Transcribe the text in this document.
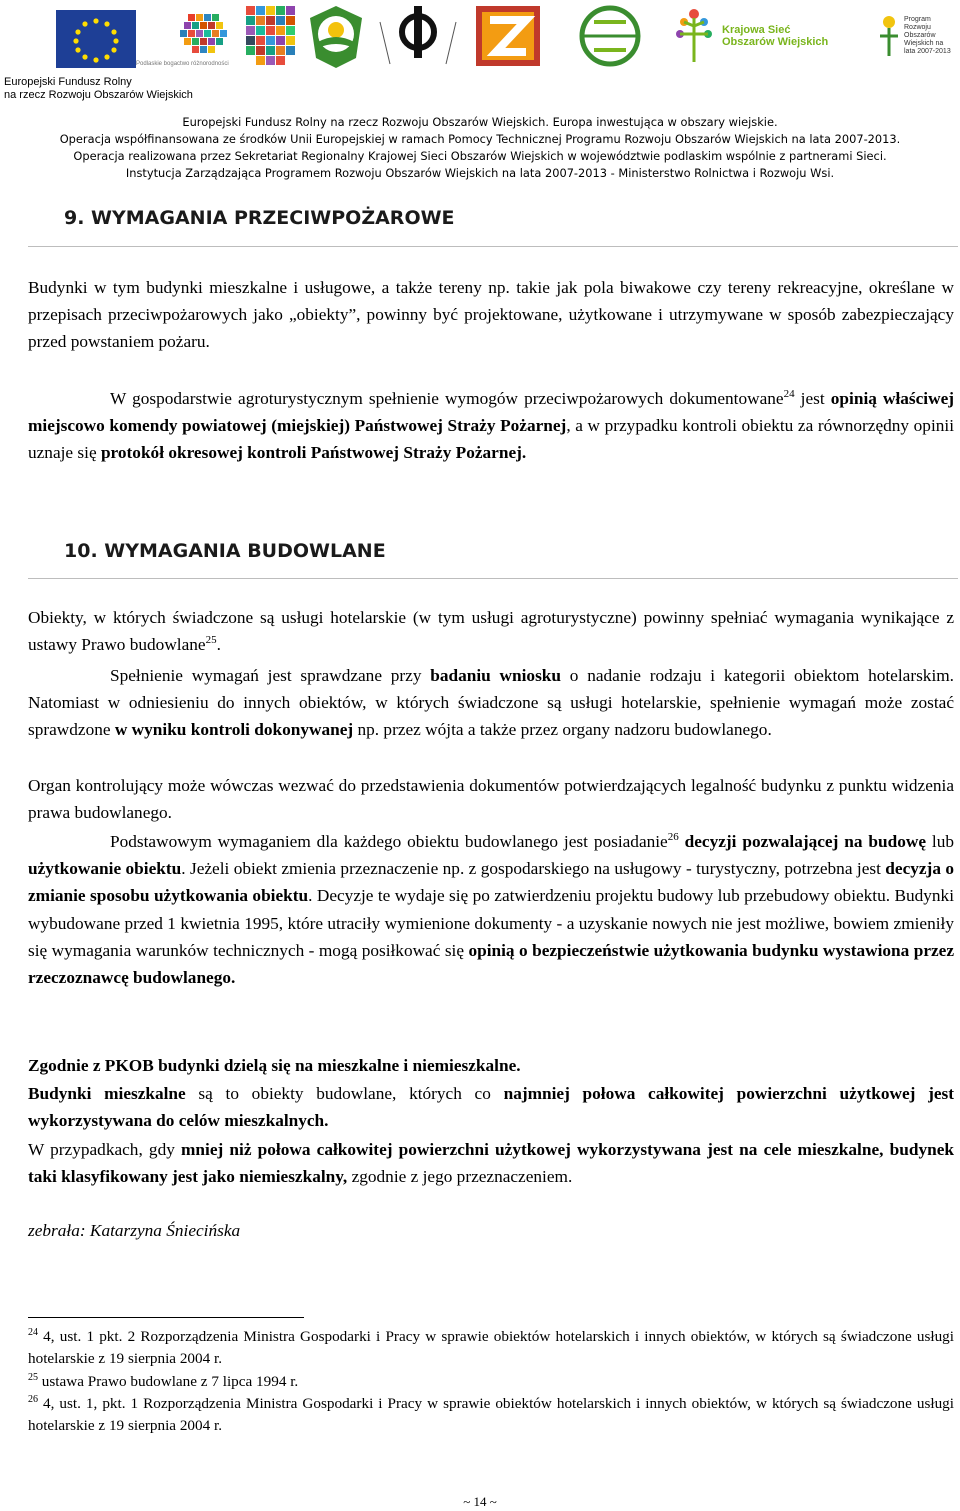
Podlaskie bogactwo różnorodności
Krajowa Sieć Obszarów Wiejskich
Program Rozwoju Obszarów Wiejskich na lata 2007-2013
Europejski Fundusz Rolny
na rzecz Rozwoju Obszarów Wiejskich
Europejski Fundusz Rolny na rzecz Rozwoju Obszarów Wiejskich. Europa inwestująca w obszary wiejskie.
Operacja współfinansowana ze środków Unii Europejskiej w ramach Pomocy Technicznej Programu Rozwoju Obszarów Wiejskich na lata 2007-2013.
Operacja realizowana przez Sekretariat Regionalny Krajowej Sieci Obszarów Wiejskich w województwie podlaskim wspólnie z partnerami Sieci.
Instytucja Zarządzająca Programem Rozwoju Obszarów Wiejskich na lata 2007-2013 - Ministerstwo Rolnictwa i Rozwoju Wsi.
9. WYMAGANIA PRZECIWPOŻAROWE
Budynki w tym budynki mieszkalne i usługowe, a także tereny np. takie jak pola biwakowe czy tereny rekreacyjne, określane w przepisach przeciwpożarowych jako „obiekty”, powinny być projektowane, użytkowane i utrzymywane w sposób zabezpieczający przed powstaniem pożaru.
W gospodarstwie agroturystycznym spełnienie wymogów przeciwpożarowych dokumentowane$^{24}$ jest opinią właściwej miejscowo komendy powiatowej (miejskiej) Państwowej Straży Pożarnej, a w przypadku kontroli obiektu za równorzędny opinii uznaje się protokół okresowej kontroli Państwowej Straży Pożarnej.
10. WYMAGANIA BUDOWLANE
Obiekty, w których świadczone są usługi hotelarskie (w tym usługi agroturystyczne) powinny spełniać wymagania wynikające z ustawy Prawo budowlane$^{25}$.
Spełnienie wymagań jest sprawdzane przy badaniu wniosku o nadanie rodzaju i kategorii obiektom hotelarskim. Natomiast w odniesieniu do innych obiektów, w których świadczone są usługi hotelarskie, spełnienie wymagań może zostać sprawdzone w wyniku kontroli dokonywanej np. przez wójta a także przez organy nadzoru budowlanego.
Organ kontrolujący może wówczas wezwać do przedstawienia dokumentów potwierdzających legalność budynku z punktu widzenia prawa budowlanego.
Podstawowym wymaganiem dla każdego obiektu budowlanego jest posiadanie$^{26}$ decyzji pozwalającej na budowę lub użytkowanie obiektu. Jeżeli obiekt zmienia przeznaczenie np. z gospodarskiego na usługowy - turystyczny, potrzebna jest decyzja o zmianie sposobu użytkowania obiektu. Decyzje te wydaje się po zatwierdzeniu projektu budowy lub przebudowy obiektu. Budynki wybudowane przed 1 kwietnia 1995, które utraciły wymienione dokumenty - a uzyskanie nowych nie jest możliwe, bowiem zmieniły się wymagania warunków technicznych - mogą posiłkować się opinią o bezpieczeństwie użytkowania budynku wystawiona przez rzeczoznawcę budowlanego.
Zgodnie z PKOB budynki dzielą się na mieszkalne i niemieszkalne.
Budynki mieszkalne są to obiekty budowlane, których co najmniej połowa całkowitej powierzchni użytkowej jest wykorzystywana do celów mieszkalnych.
W przypadkach, gdy mniej niż połowa całkowitej powierzchni użytkowej wykorzystywana jest na cele mieszkalne, budynek taki klasyfikowany jest jako niemieszkalny, zgodnie z jego przeznaczeniem.
zebrała: Katarzyna Śniecińska
$^{24}$ 4, ust. 1 pkt. 2 Rozporządzenia Ministra Gospodarki i Pracy w sprawie obiektów hotelarskich i innych obiektów, w których są świadczone usługi hotelarskie z 19 sierpnia 2004 r.
$^{25}$ ustawa Prawo budowlane z 7 lipca 1994 r.
$^{26}$ 4, ust. 1, pkt. 1 Rozporządzenia Ministra Gospodarki i Pracy w sprawie obiektów hotelarskich i innych obiektów, w których są świadczone usługi hotelarskie z 19 sierpnia 2004 r.
~ 14 ~
